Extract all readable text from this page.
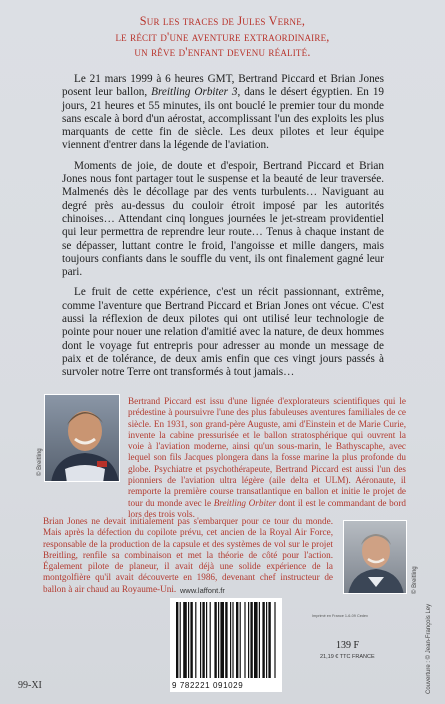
Sur les traces de Jules Verne,
le récit d'une aventure extraordinaire,
un rêve d'enfant devenu réalité.

Le 21 mars 1999 à 6 heures GMT, Bertrand Piccard et Brian Jones posent leur ballon, Breitling Orbiter 3, dans le désert égyptien. En 19 jours, 21 heures et 55 minutes, ils ont bouclé le premier tour du monde sans escale à bord d'un aérostat, accomplissant l'un des exploits les plus marquants de cette fin de siècle. Les deux pilotes et leur équipe viennent d'entrer dans la légende de l'aviation.

Moments de joie, de doute et d'espoir, Bertrand Piccard et Brian Jones nous font partager tout le suspense et la beauté de leur traversée. Malmenés dès le décollage par des vents turbulents… Naviguant au degré près au-dessus du couloir étroit imposé par les autorités chinoises… Attendant cinq longues journées le jet-stream providentiel qui leur permettra de reprendre leur route… Tenus à chaque instant de se dépasser, luttant contre le froid, l'angoisse et mille dangers, mais toujours confiants dans le souffle du vent, ils ont finalement gagné leur pari.

Le fruit de cette expérience, c'est un récit passionnant, extrême, comme l'aventure que Bertrand Piccard et Brian Jones ont vécue. C'est aussi la réflexion de deux pilotes qui ont utilisé leur technologie de pointe pour nouer une relation d'amitié avec la nature, de deux hommes dont le voyage fut entrepris pour adresser au monde un message de paix et de tolérance, de deux amis enfin que ces vingt jours passés à survoler notre Terre ont transformés à tout jamais…

© Breitling
Bertrand Piccard est issu d'une lignée d'explorateurs scientifiques qui le prédestine à poursuivre l'une des plus fabuleuses aventures familiales de ce siècle. En 1931, son grand-père Auguste, ami d'Einstein et de Marie Curie, invente la cabine pressurisée et le ballon stratosphérique qui ouvrent la voie à l'aviation moderne, ainsi qu'un sous-marin, le Bathyscaphe, avec lequel son fils Jacques plongera dans la fosse marine la plus profonde du globe. Psychiatre et psychothérapeute, Bertrand Piccard est aussi l'un des pionniers de l'aviation ultra légère (aile delta et ULM). Aéronaute, il remporte la première course transatlantique en ballon et initie le projet de tour du monde avec le Breitling Orbiter dont il est le commandant de bord lors des trois vols.
Brian Jones ne devait initialement pas s'embarquer pour ce tour du monde. Mais après la défection du copilote prévu, cet ancien de la Royal Air Force, responsable de la production de la capsule et des systèmes de vol sur le projet Breitling, renfile sa combinaison et met la théorie de côté pour l'action. Également pilote de planeur, il avait déjà une solide expérience de la montgolfière qu'il avait découverte en 1986, devenant chef instructeur de ballon à air chaud au Royaume-Uni.	© Breitling
Couverture : © Jean-François Ley
www.laffont.fr
9 782221 091029
Imprimé en France 1-6-09 Cedex
139 F
21,19 € TTC FRANCE
99-XI
